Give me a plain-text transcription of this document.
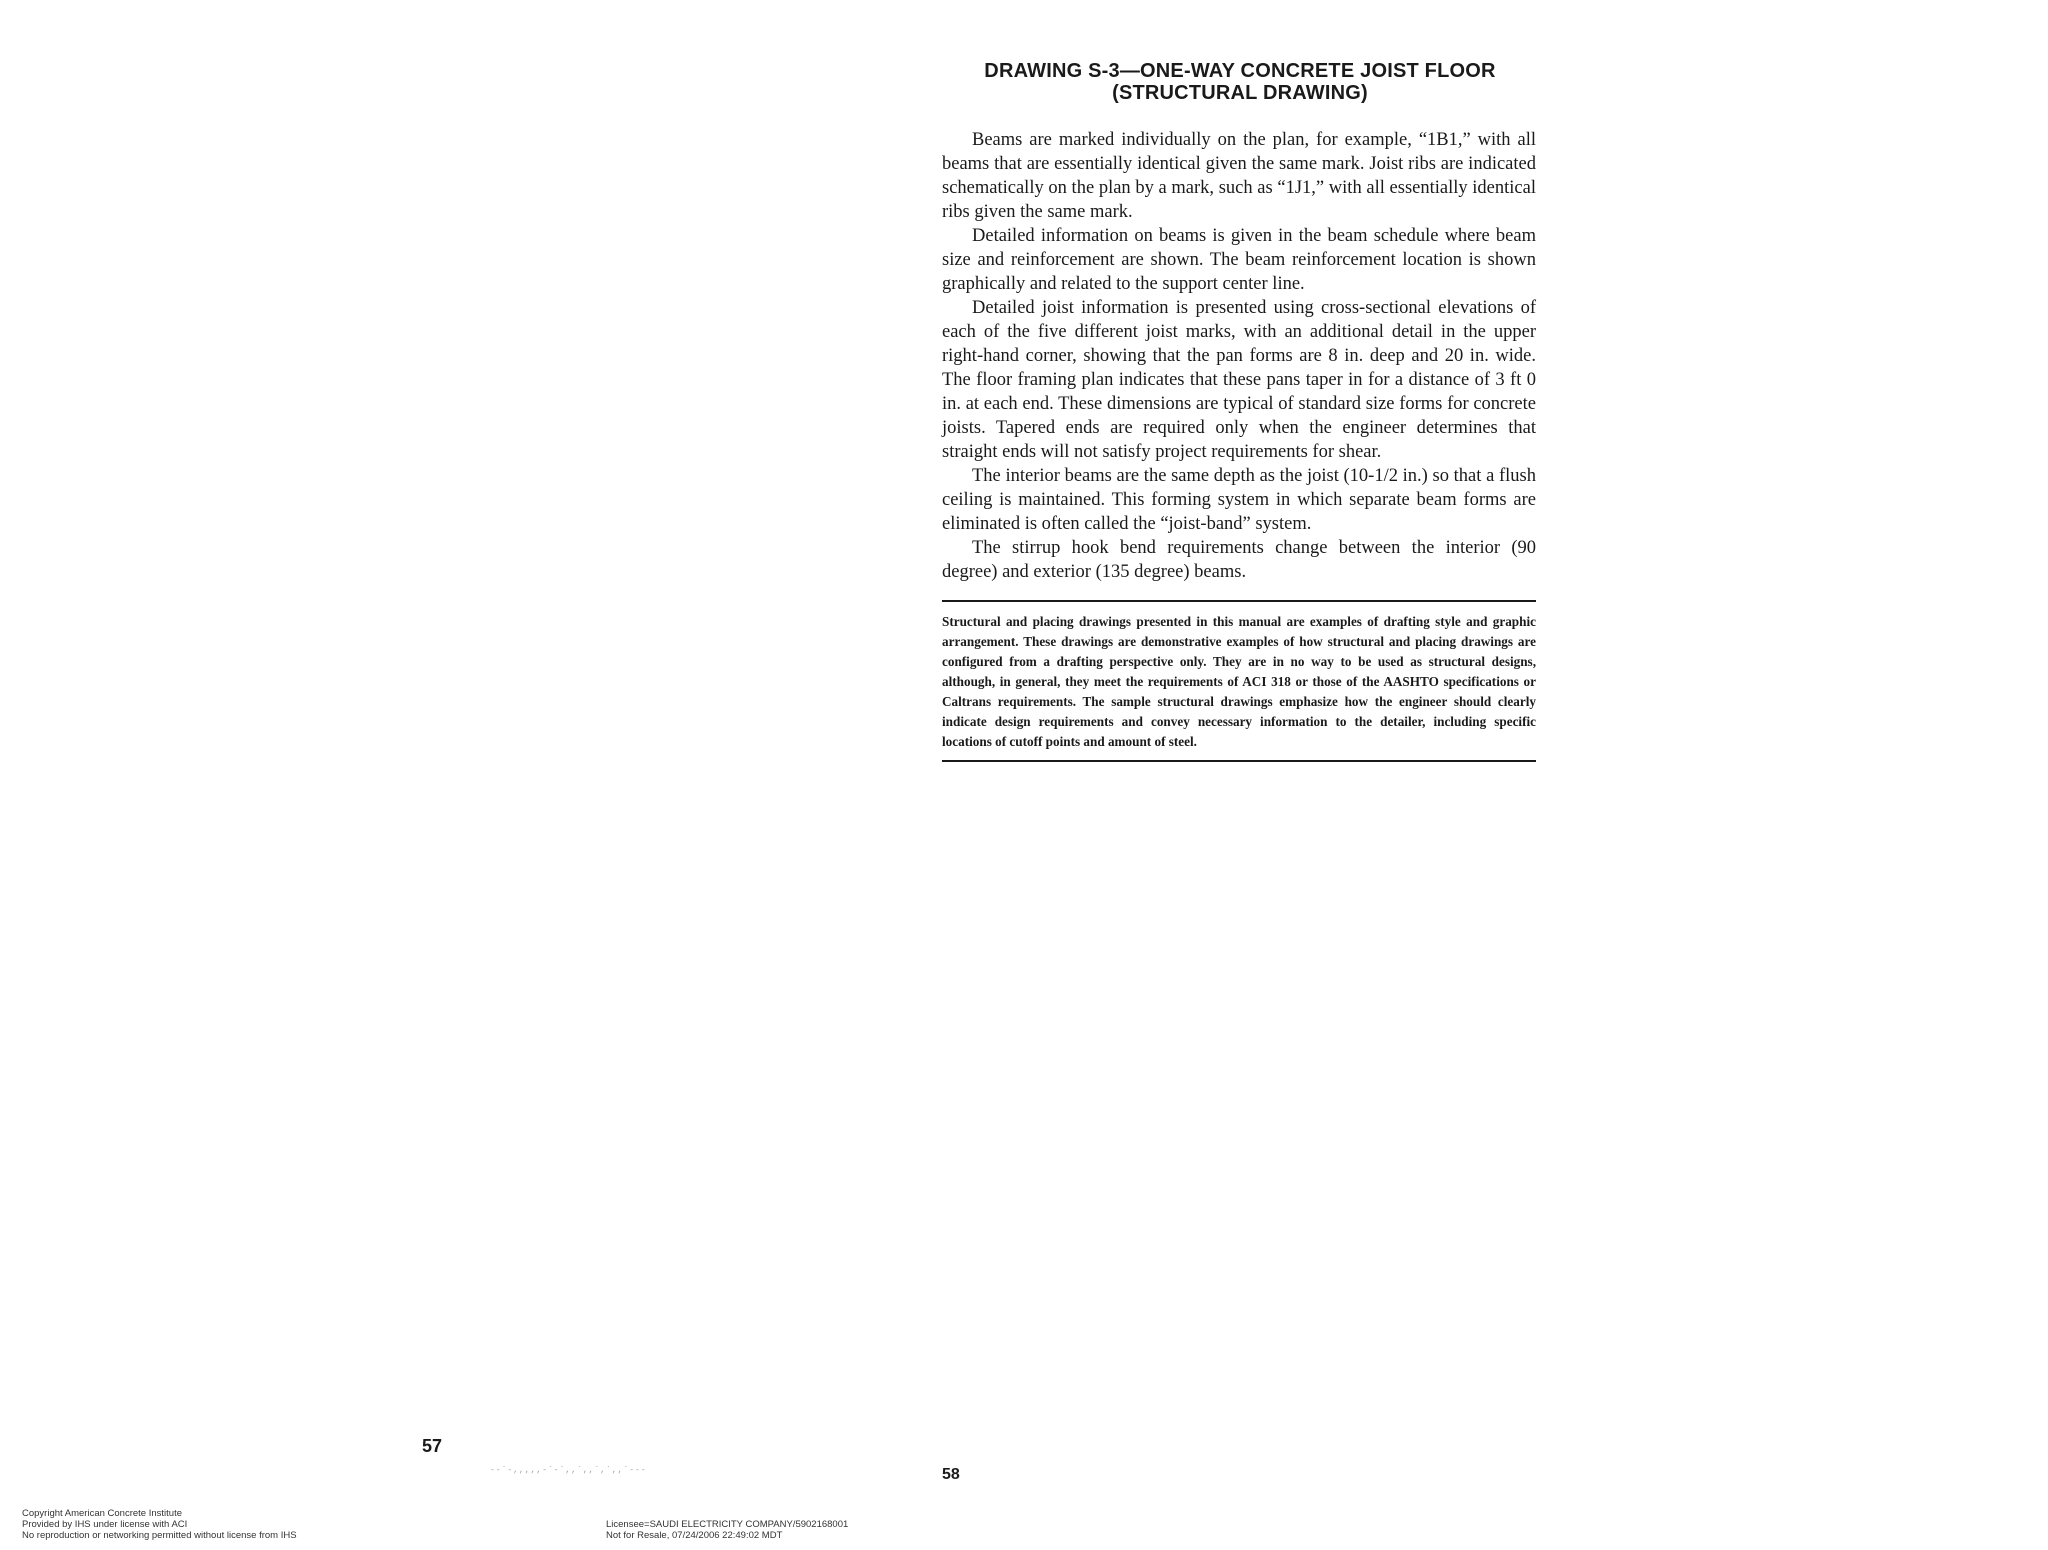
DRAWING S-3—ONE-WAY CONCRETE JOIST FLOOR
(STRUCTURAL DRAWING)

Beams are marked individually on the plan, for example, “1B1,” with all beams that are essentially identical given the same mark. Joist ribs are indicated schematically on the plan by a mark, such as “1J1,” with all essentially identical ribs given the same mark.

Detailed information on beams is given in the beam schedule where beam size and reinforcement are shown. The beam reinforcement location is shown graphically and related to the support center line.

Detailed joist information is presented using cross-sectional elevations of each of the five different joist marks, with an additional detail in the upper right-hand corner, showing that the pan forms are 8 in. deep and 20 in. wide. The floor framing plan indicates that these pans taper in for a distance of 3 ft 0 in. at each end. These dimensions are typical of standard size forms for concrete joists. Tapered ends are required only when the engineer determines that straight ends will not satisfy project requirements for shear.

The interior beams are the same depth as the joist (10-1/2 in.) so that a flush ceiling is maintained. This forming system in which separate beam forms are eliminated is often called the “joist-band” system.

The stirrup hook bend requirements change between the interior (90 degree) and exterior (135 degree) beams.

Structural and placing drawings presented in this manual are examples of drafting style and graphic arrangement. These drawings are demonstrative examples of how structural and placing drawings are configured from a drafting perspective only. They are in no way to be used as structural designs, although, in general, they meet the requirements of ACI 318 or those of the AASHTO specifications or Caltrans requirements. The sample structural drawings emphasize how the engineer should clearly indicate design requirements and convey necessary information to the detailer, including specific locations of cutoff points and amount of steel.
57
--`-,,,,,-`-`,,`,,`,`,,`---	58
Copyright American Concrete Institute
Provided by IHS under license with ACI
No reproduction or networking permitted without license from IHS
Licensee=SAUDI ELECTRICITY COMPANY/5902168001
Not for Resale, 07/24/2006 22:49:02 MDT
